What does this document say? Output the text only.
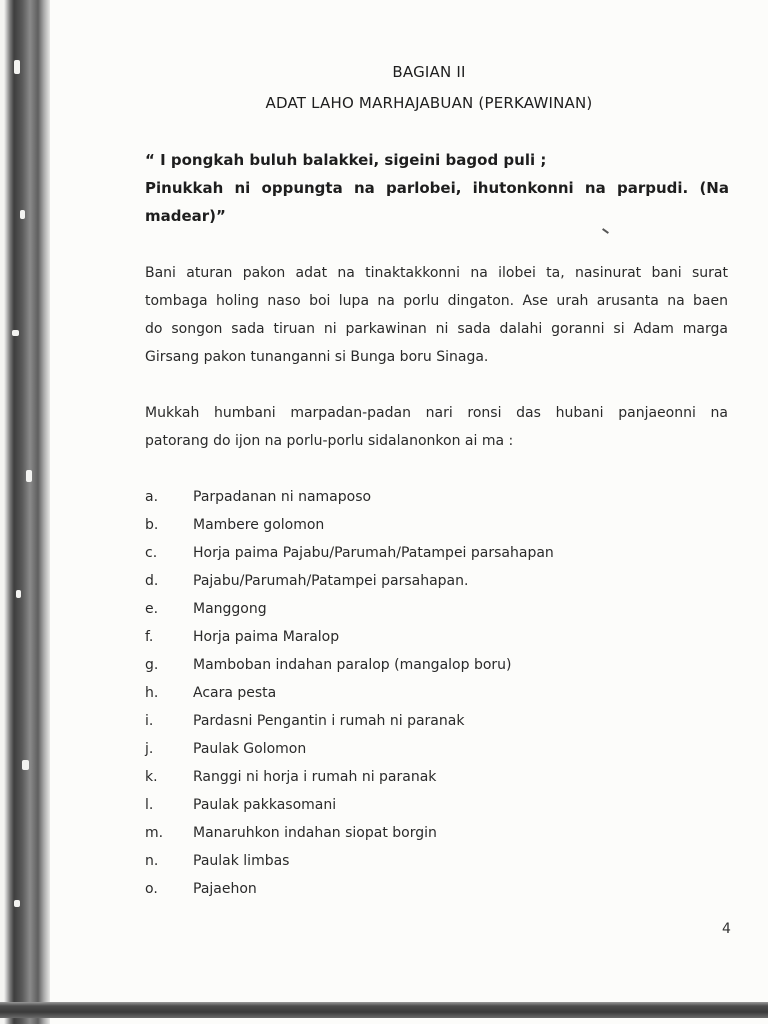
BAGIAN II
ADAT LAHO MARHAJABUAN (PERKAWINAN)
“ I pongkah buluh balakkei, sigeini bagod puli ;
Pinukkah ni oppungta na parlobei, ihutonkonni na parpudi. (Na
madear)”
Bani aturan pakon adat na tinaktakkonni na ilobei ta, nasinurat bani surat
tombaga holing naso boi lupa na porlu dingaton. Ase urah arusanta na baen
do songon sada tiruan ni parkawinan ni sada dalahi goranni si Adam marga
Girsang pakon tunanganni si Bunga boru Sinaga.
Mukkah humbani marpadan-padan nari ronsi das hubani panjaeonni na
patorang do ijon na porlu-porlu sidalanonkon ai ma :
a.	Parpadanan ni namaposo
b.	Mambere golomon
c.	Horja paima Pajabu/Parumah/Patampei parsahapan
d.	Pajabu/Parumah/Patampei parsahapan.
e.	Manggong
f.	Horja paima Maralop
g.	Mamboban indahan paralop (mangalop boru)
h.	Acara pesta
i.	Pardasni Pengantin i rumah ni paranak
j.	Paulak Golomon
k.	Ranggi ni horja i rumah ni paranak
l.	Paulak pakkasomani
m.	Manaruhkon indahan siopat borgin
n.	Paulak limbas
o.	Pajaehon
4
